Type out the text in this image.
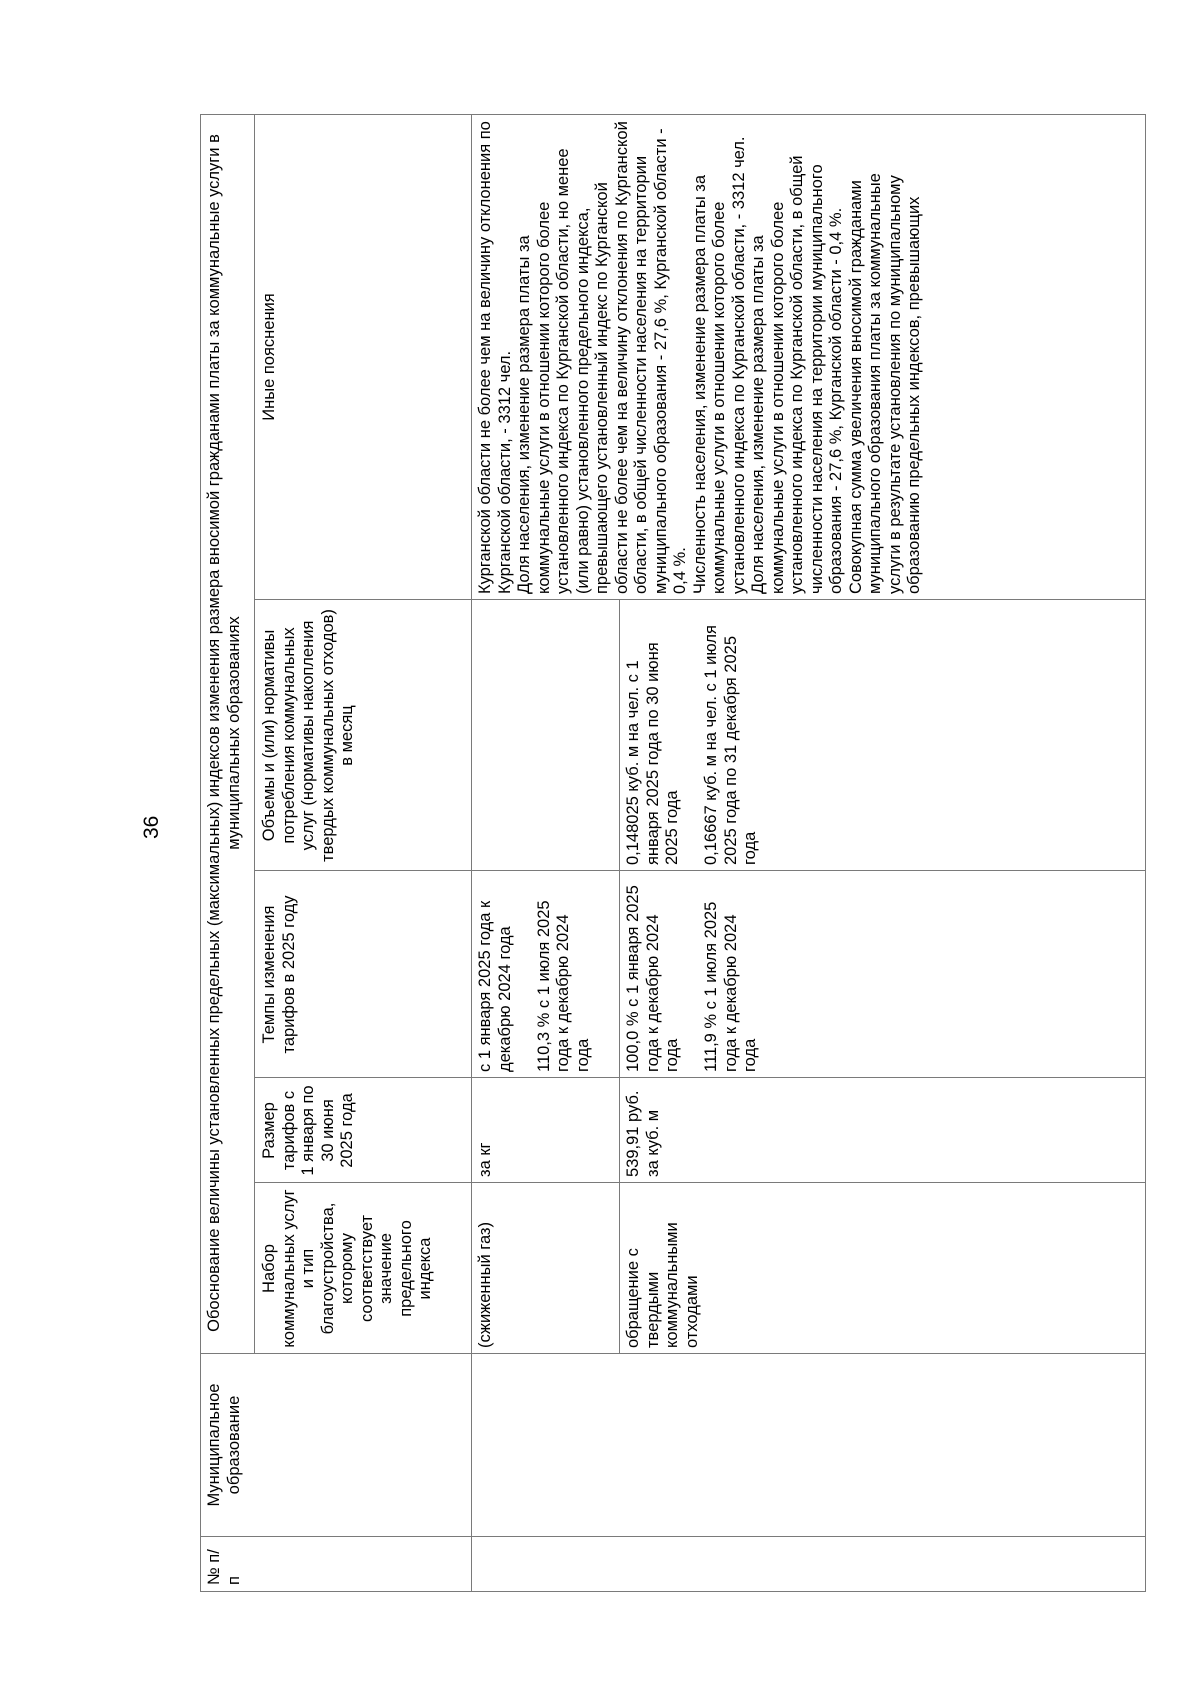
36
№ п/п
Муниципальное образование
Обоснование величины установленных предельных (максимальных) индексов изменения размера вносимой гражданами платы за коммунальные услуги в муниципальных образованиях
Набор коммунальных услуг и тип благоустройства, которому соответствует значение предельного индекса
Размер тарифов с 1 января по 30 июня 2025 года
Темпы изменения тарифов в 2025 году
Объемы и (или) нормативы потребления коммунальных услуг (нормативы накопления твердых коммунальных отходов) в месяц
Иные пояснения
(сжиженный газ)
за кг

с 1 января 2025 года к декабрю 2024 года 110,3 % с 1 июля 2025 года к декабрю 2024 года

обращение с твердыми коммунальными отходами
539,91 руб. за куб. м

100,0 % с 1 января 2025 года к декабрю 2024 года 111,9 % с 1 июля 2025 года к декабрю 2024 года

0,148025 куб. м на чел. с 1 января 2025 года по 30 июня 2025 года 0,16667 куб. м на чел. с 1 июля 2025 года по 31 декабря 2025 года

Курганской области не более чем на величину отклонения по Курганской области, - 3312 чел. Доля населения, изменение размера платы за коммунальные услуги в отношении которого более установленного индекса по Курганской области, но менее (или равно) установленного предельного индекса, превышающего установленный индекс по Курганской области не более чем на величину отклонения по Курганской области, в общей численности населения на территории муниципального образования - 27,6 %, Курганской области - 0,4 %. Численность населения, изменение размера платы за коммунальные услуги в отношении которого более установленного индекса по Курганской области, - 3312 чел. Доля населения, изменение размера платы за коммунальные услуги в отношении которого более установленного индекса по Курганской области, в общей численности населения на территории муниципального образования - 27,6 %, Курганской области - 0,4 %. Совокупная сумма увеличения вносимой гражданами муниципального образования платы за коммунальные услуги в результате установления по муниципальному образованию предельных индексов, превышающих
